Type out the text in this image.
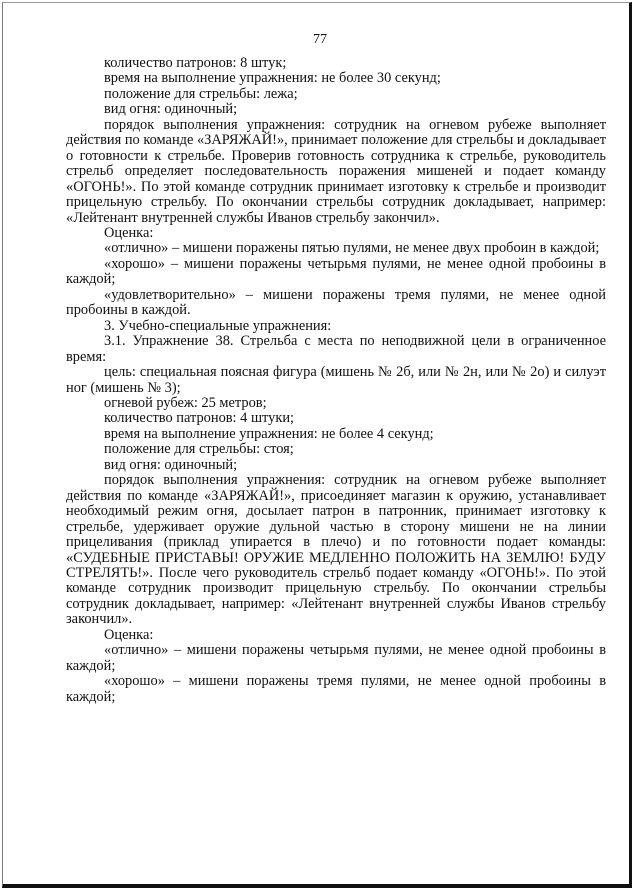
77

количество патронов: 8 штук;

время на выполнение упражнения: не более 30 секунд;

положение для стрельбы: лежа;

вид огня: одиночный;

порядок выполнения упражнения: сотрудник на огневом рубеже выполняет действия по команде «ЗАРЯЖАЙ!», принимает положение для стрельбы и докладывает о готовности к стрельбе. Проверив готовность сотрудника к стрельбе, руководитель стрельб определяет последовательность поражения мишеней и подает команду «ОГОНЬ!». По этой команде сотрудник принимает изготовку к стрельбе и производит прицельную стрельбу. По окончании стрельбы сотрудник докладывает, например: «Лейтенант внутренней службы Иванов стрельбу закончил».

Оценка:

«отлично» – мишени поражены пятью пулями, не менее двух пробоин в каждой;

«хорошо» – мишени поражены четырьмя пулями, не менее одной пробоины в каждой;

«удовлетворительно» – мишени поражены тремя пулями, не менее одной пробоины в каждой.

3. Учебно-специальные упражнения:

3.1. Упражнение 38. Стрельба с места по неподвижной цели в ограниченное время:

цель: специальная поясная фигура (мишень № 2б, или № 2н, или № 2о) и силуэт ног (мишень № 3);

огневой рубеж: 25 метров;

количество патронов: 4 штуки;

время на выполнение упражнения: не более 4 секунд;

положение для стрельбы: стоя;

вид огня: одиночный;

порядок выполнения упражнения: сотрудник на огневом рубеже выполняет действия по команде «ЗАРЯЖАЙ!», присоединяет магазин к оружию, устанавливает необходимый режим огня, досылает патрон в патронник, принимает изготовку к стрельбе, удерживает оружие дульной частью в сторону мишени не на линии прицеливания (приклад упирается в плечо) и по готовности подает команды: «СУДЕБНЫЕ ПРИСТАВЫ! ОРУЖИЕ МЕДЛЕННО ПОЛОЖИТЬ НА ЗЕМЛЮ! БУДУ СТРЕЛЯТЬ!». После чего руководитель стрельб подает команду «ОГОНЬ!». По этой команде сотрудник производит прицельную стрельбу. По окончании стрельбы сотрудник докладывает, например: «Лейтенант внутренней службы Иванов стрельбу закончил».

Оценка:

«отлично» – мишени поражены четырьмя пулями, не менее одной пробоины в каждой;

«хорошо» – мишени поражены тремя пулями, не менее одной пробоины в каждой;
